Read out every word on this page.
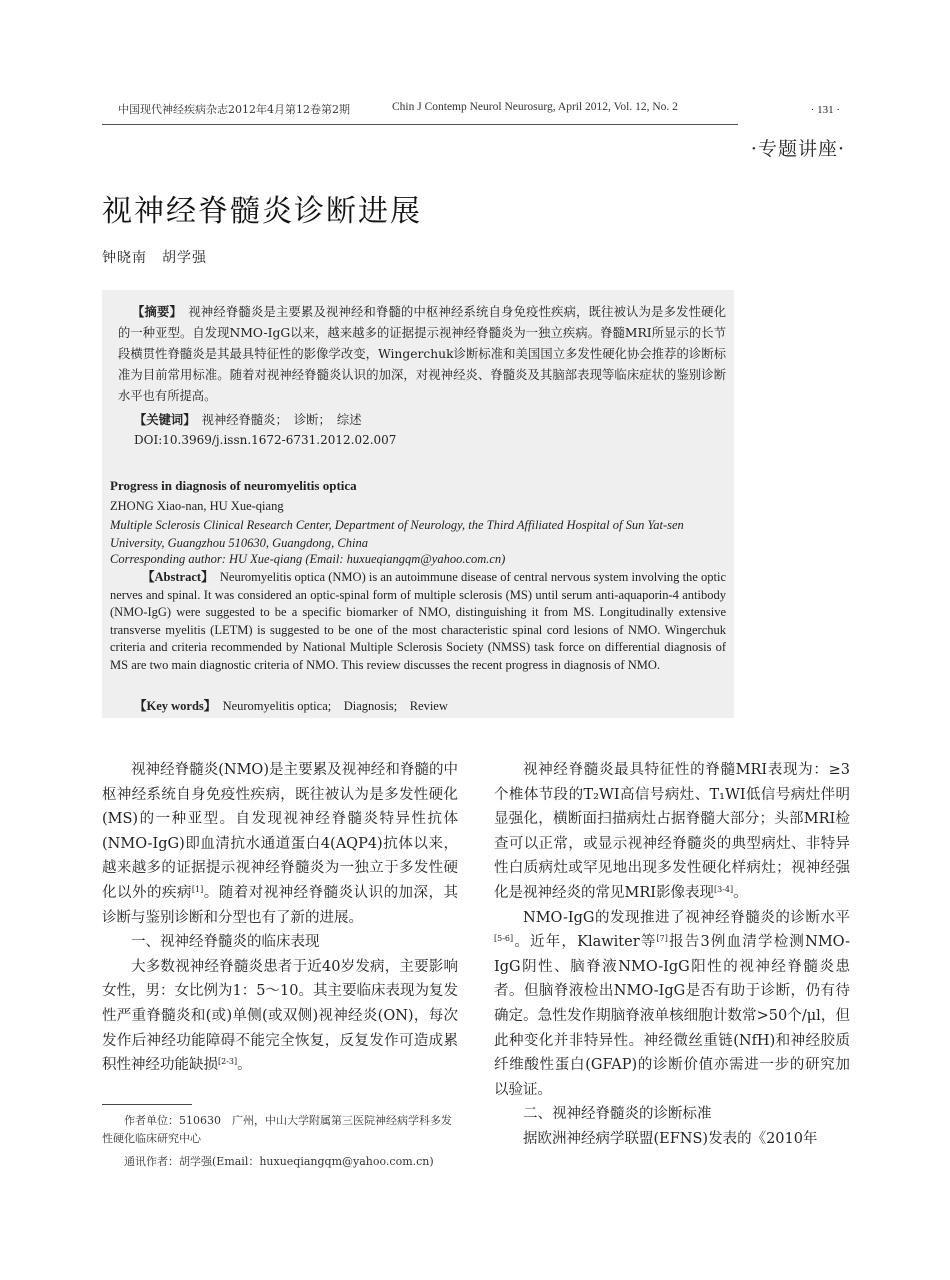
中国现代神经疾病杂志2012年4月第12卷第2期	Chin J Contemp Neurol Neurosurg, April 2012, Vol. 12, No. 2	· 131 ·
·专题讲座·
视神经脊髓炎诊断进展
钟晓南　胡学强

【摘要】　 视神经脊髓炎是主要累及视神经和脊髓的中枢神经系统自身免疫性疾病，既往被认为是多发性硬化的一种亚型。自发现NMO-IgG以来，越来越多的证据提示视神经脊髓炎为一独立疾病。脊髓MRI所显示的长节段横贯性脊髓炎是其最具特征性的影像学改变，Wingerchuk诊断标准和美国国立多发性硬化协会推荐的诊断标准为目前常用标准。随着对视神经脊髓炎认识的加深，对视神经炎、脊髓炎及其脑部表现等临床症状的鉴别诊断水平也有所提高。

【关键词】　 视神经脊髓炎；　诊断；　综述
DOI:10.3969/j.issn.1672-6731.2012.02.007
Progress in diagnosis of neuromyelitis optica
ZHONG Xiao-nan, HU Xue-qiang

Multiple Sclerosis Clinical Research Center, Department of Neurology, the Third Affiliated Hospital of Sun Yat-sen University, Guangzhou 510630, Guangdong, China

Corresponding author: HU Xue-qiang (Email: huxueqiangqm@yahoo.com.cn)

【Abstract】　 Neuromyelitis optica (NMO) is an autoimmune disease of central nervous system involving the optic nerves and spinal. It was considered an optic-spinal form of multiple sclerosis (MS) until serum anti-aquaporin-4 antibody (NMO-IgG) were suggested to be a specific biomarker of NMO, distinguishing it from MS. Longitudinally extensive transverse myelitis (LETM) is suggested to be one of the most characteristic spinal cord lesions of NMO. Wingerchuk criteria and criteria recommended by National Multiple Sclerosis Society (NMSS) task force on differential diagnosis of MS are two main diagnostic criteria of NMO. This review discusses the recent progress in diagnosis of NMO.

【Key words】　 Neuromyelitis optica;　Diagnosis;　Review

视神经脊髓炎(NMO)是主要累及视神经和脊髓的中枢神经系统自身免疫性疾病，既往被认为是多发性硬化(MS)的一种亚型。自发现视神经脊髓炎特异性抗体(NMO-IgG)即血清抗水通道蛋白4(AQP4)抗体以来，越来越多的证据提示视神经脊髓炎为一独立于多发性硬化以外的疾病[1]。随着对视神经脊髓炎认识的加深，其诊断与鉴别诊断和分型也有了新的进展。

一、视神经脊髓炎的临床表现

大多数视神经脊髓炎患者于近40岁发病，主要影响女性，男：女比例为1：5～10。其主要临床表现为复发性严重脊髓炎和(或)单侧(或双侧)视神经炎(ON)，每次发作后神经功能障碍不能完全恢复，反复发作可造成累积性神经功能缺损[2-3]。

视神经脊髓炎最具特征性的脊髓MRI表现为：≥3个椎体节段的T₂WI高信号病灶、T₁WI低信号病灶伴明显强化，横断面扫描病灶占据脊髓大部分；头部MRI检查可以正常，或显示视神经脊髓炎的典型病灶、非特异性白质病灶或罕见地出现多发性硬化样病灶；视神经强化是视神经炎的常见MRI影像表现[3-4]。

NMO-IgG的发现推进了视神经脊髓炎的诊断水平[5-6]。近年，Klawiter等[7]报告3例血清学检测NMO-IgG阴性、脑脊液NMO-IgG阳性的视神经脊髓炎患者。但脑脊液检出NMO-IgG是否有助于诊断，仍有待确定。急性发作期脑脊液单核细胞计数常>50个/μl，但此种变化并非特异性。神经微丝重链(NfH)和神经胶质纤维酸性蛋白(GFAP)的诊断价值亦需进一步的研究加以验证。

二、视神经脊髓炎的诊断标准

据欧洲神经病学联盟(EFNS)发表的《2010年

作者单位：510630　广州，中山大学附属第三医院神经病学科多发性硬化临床研究中心

通讯作者：胡学强(Email：huxueqiangqm@yahoo.com.cn)
